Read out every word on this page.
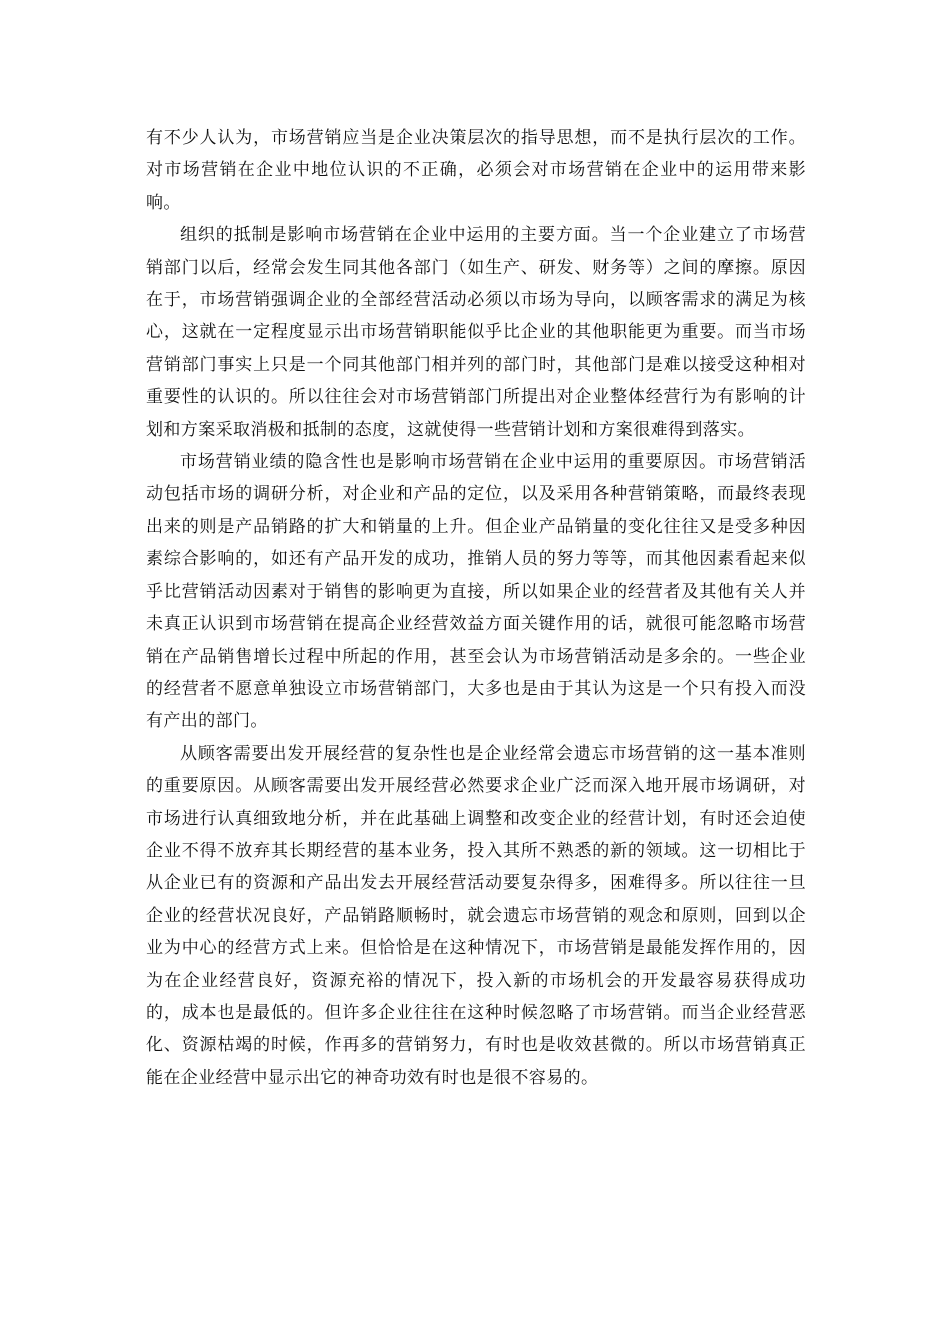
有不少人认为，市场营销应当是企业决策层次的指导思想，而不是执行层次的工作。对市场营销在企业中地位认识的不正确，必须会对市场营销在企业中的运用带来影响。

组织的抵制是影响市场营销在企业中运用的主要方面。当一个企业建立了市场营销部门以后，经常会发生同其他各部门（如生产、研发、财务等）之间的摩擦。原因在于，市场营销强调企业的全部经营活动必须以市场为导向，以顾客需求的满足为核心，这就在一定程度显示出市场营销职能似乎比企业的其他职能更为重要。而当市场营销部门事实上只是一个同其他部门相并列的部门时，其他部门是难以接受这种相对重要性的认识的。所以往往会对市场营销部门所提出对企业整体经营行为有影响的计划和方案采取消极和抵制的态度，这就使得一些营销计划和方案很难得到落实。

市场营销业绩的隐含性也是影响市场营销在企业中运用的重要原因。市场营销活动包括市场的调研分析，对企业和产品的定位，以及采用各种营销策略，而最终表现出来的则是产品销路的扩大和销量的上升。但企业产品销量的变化往往又是受多种因素综合影响的，如还有产品开发的成功，推销人员的努力等等，而其他因素看起来似乎比营销活动因素对于销售的影响更为直接，所以如果企业的经营者及其他有关人并未真正认识到市场营销在提高企业经营效益方面关键作用的话，就很可能忽略市场营销在产品销售增长过程中所起的作用，甚至会认为市场营销活动是多余的。一些企业的经营者不愿意单独设立市场营销部门，大多也是由于其认为这是一个只有投入而没有产出的部门。

从顾客需要出发开展经营的复杂性也是企业经常会遗忘市场营销的这一基本准则的重要原因。从顾客需要出发开展经营必然要求企业广泛而深入地开展市场调研，对市场进行认真细致地分析，并在此基础上调整和改变企业的经营计划，有时还会迫使企业不得不放弃其长期经营的基本业务，投入其所不熟悉的新的领域。这一切相比于从企业已有的资源和产品出发去开展经营活动要复杂得多，困难得多。所以往往一旦企业的经营状况良好，产品销路顺畅时，就会遗忘市场营销的观念和原则，回到以企业为中心的经营方式上来。但恰恰是在这种情况下，市场营销是最能发挥作用的，因为在企业经营良好，资源充裕的情况下，投入新的市场机会的开发最容易获得成功的，成本也是最低的。但许多企业往往在这种时候忽略了市场营销。而当企业经营恶化、资源枯竭的时候，作再多的营销努力，有时也是收效甚微的。所以市场营销真正能在企业经营中显示出它的神奇功效有时也是很不容易的。
